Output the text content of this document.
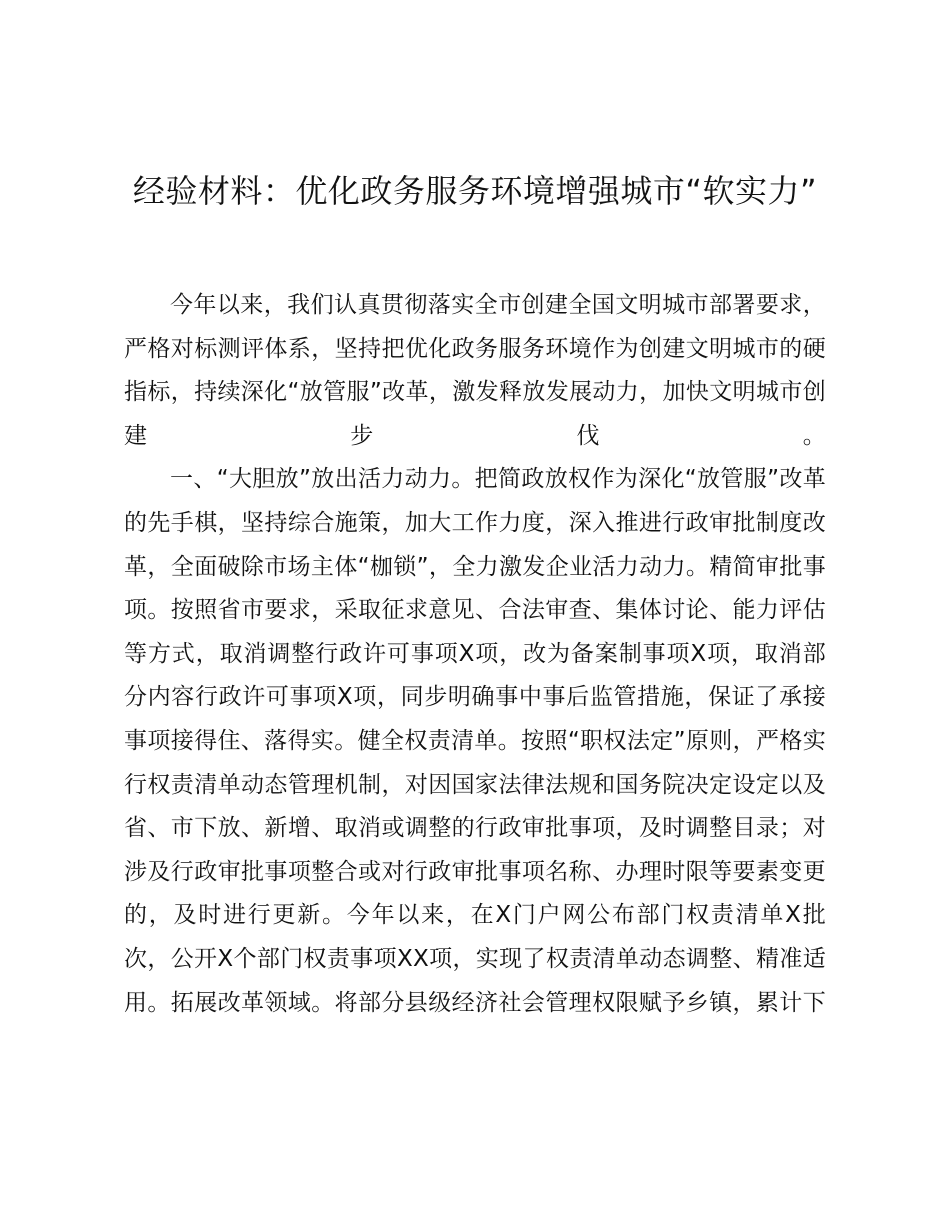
经验材料：优化政务服务环境增强城市“软实力”

今年以来，我们认真贯彻落实全市创建全国文明城市部署要求，严格对标测评体系，坚持把优化政务服务环境作为创建文明城市的硬指标，持续深化“放管服”改革，激发释放发展动力，加快文明城市创建步伐。

一、“大胆放”放出活力动力。把简政放权作为深化“放管服”改革的先手棋，坚持综合施策，加大工作力度，深入推进行政审批制度改革，全面破除市场主体“枷锁”，全力激发企业活力动力。精简审批事项。按照省市要求，采取征求意见、合法审查、集体讨论、能力评估等方式，取消调整行政许可事项X项，改为备案制事项X项，取消部分内容行政许可事项X项，同步明确事中事后监管措施，保证了承接事项接得住、落得实。健全权责清单。按照“职权法定”原则，严格实行权责清单动态管理机制，对因国家法律法规和国务院决定设定以及省、市下放、新增、取消或调整的行政审批事项，及时调整目录；对涉及行政审批事项整合或对行政审批事项名称、办理时限等要素变更的，及时进行更新。今年以来，在X门户网公布部门权责清单X批次，公开X个部门权责事项XX项，实现了权责清单动态调整、精准适用。拓展改革领域。将部分县级经济社会管理权限赋予乡镇，累计下
